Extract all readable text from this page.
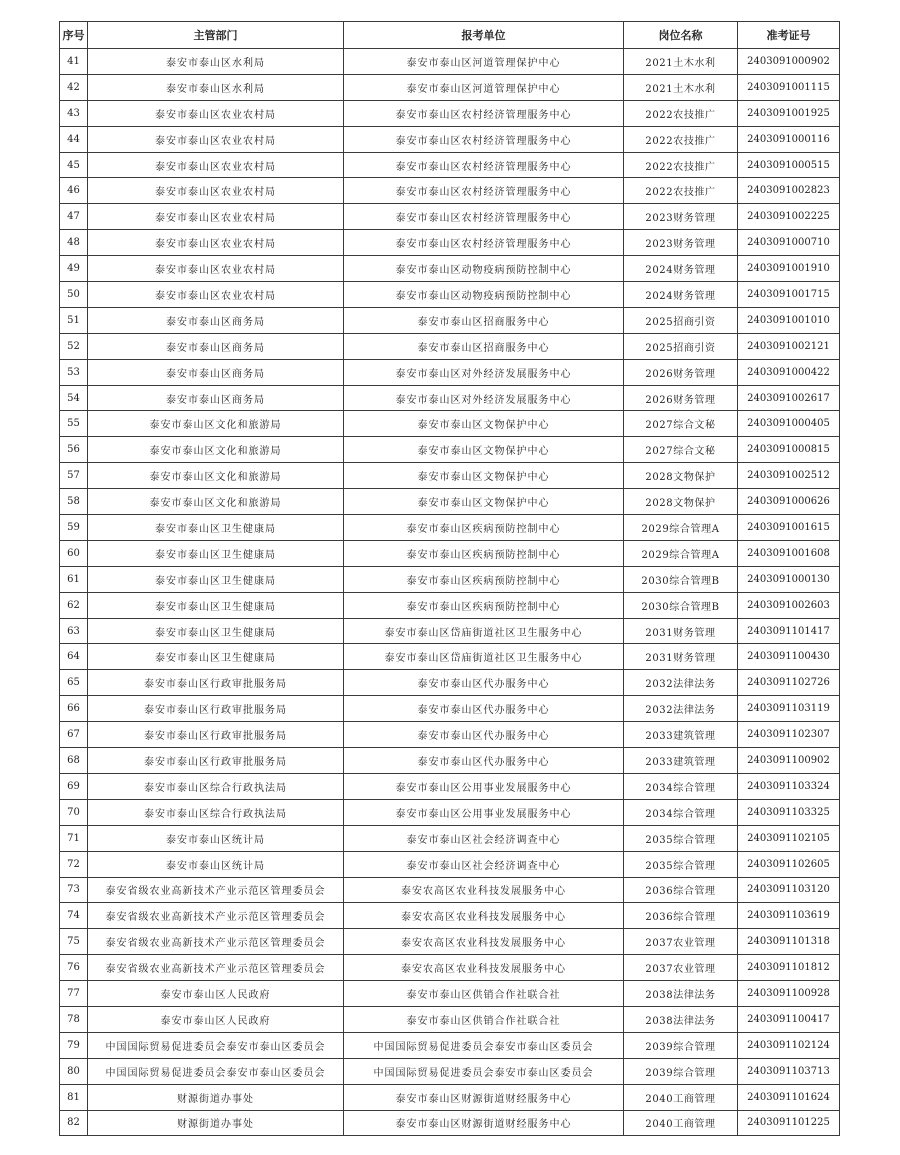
序号	主管部门	报考单位	岗位名称	准考证号
41	泰安市泰山区水利局	泰安市泰山区河道管理保护中心	2021土木水利	2403091000902
42	泰安市泰山区水利局	泰安市泰山区河道管理保护中心	2021土木水利	2403091001115
43	泰安市泰山区农业农村局	泰安市泰山区农村经济管理服务中心	2022农技推广	2403091001925
44	泰安市泰山区农业农村局	泰安市泰山区农村经济管理服务中心	2022农技推广	2403091000116
45	泰安市泰山区农业农村局	泰安市泰山区农村经济管理服务中心	2022农技推广	2403091000515
46	泰安市泰山区农业农村局	泰安市泰山区农村经济管理服务中心	2022农技推广	2403091002823
47	泰安市泰山区农业农村局	泰安市泰山区农村经济管理服务中心	2023财务管理	2403091002225
48	泰安市泰山区农业农村局	泰安市泰山区农村经济管理服务中心	2023财务管理	2403091000710
49	泰安市泰山区农业农村局	泰安市泰山区动物疫病预防控制中心	2024财务管理	2403091001910
50	泰安市泰山区农业农村局	泰安市泰山区动物疫病预防控制中心	2024财务管理	2403091001715
51	泰安市泰山区商务局	泰安市泰山区招商服务中心	2025招商引资	2403091001010
52	泰安市泰山区商务局	泰安市泰山区招商服务中心	2025招商引资	2403091002121
53	泰安市泰山区商务局	泰安市泰山区对外经济发展服务中心	2026财务管理	2403091000422
54	泰安市泰山区商务局	泰安市泰山区对外经济发展服务中心	2026财务管理	2403091002617
55	泰安市泰山区文化和旅游局	泰安市泰山区文物保护中心	2027综合文秘	2403091000405
56	泰安市泰山区文化和旅游局	泰安市泰山区文物保护中心	2027综合文秘	2403091000815
57	泰安市泰山区文化和旅游局	泰安市泰山区文物保护中心	2028文物保护	2403091002512
58	泰安市泰山区文化和旅游局	泰安市泰山区文物保护中心	2028文物保护	2403091000626
59	泰安市泰山区卫生健康局	泰安市泰山区疾病预防控制中心	2029综合管理A	2403091001615
60	泰安市泰山区卫生健康局	泰安市泰山区疾病预防控制中心	2029综合管理A	2403091001608
61	泰安市泰山区卫生健康局	泰安市泰山区疾病预防控制中心	2030综合管理B	2403091000130
62	泰安市泰山区卫生健康局	泰安市泰山区疾病预防控制中心	2030综合管理B	2403091002603
63	泰安市泰山区卫生健康局	泰安市泰山区岱庙街道社区卫生服务中心	2031财务管理	2403091101417
64	泰安市泰山区卫生健康局	泰安市泰山区岱庙街道社区卫生服务中心	2031财务管理	2403091100430
65	泰安市泰山区行政审批服务局	泰安市泰山区代办服务中心	2032法律法务	2403091102726
66	泰安市泰山区行政审批服务局	泰安市泰山区代办服务中心	2032法律法务	2403091103119
67	泰安市泰山区行政审批服务局	泰安市泰山区代办服务中心	2033建筑管理	2403091102307
68	泰安市泰山区行政审批服务局	泰安市泰山区代办服务中心	2033建筑管理	2403091100902
69	泰安市泰山区综合行政执法局	泰安市泰山区公用事业发展服务中心	2034综合管理	2403091103324
70	泰安市泰山区综合行政执法局	泰安市泰山区公用事业发展服务中心	2034综合管理	2403091103325
71	泰安市泰山区统计局	泰安市泰山区社会经济调查中心	2035综合管理	2403091102105
72	泰安市泰山区统计局	泰安市泰山区社会经济调查中心	2035综合管理	2403091102605
73	泰安省级农业高新技术产业示范区管理委员会	泰安农高区农业科技发展服务中心	2036综合管理	2403091103120
74	泰安省级农业高新技术产业示范区管理委员会	泰安农高区农业科技发展服务中心	2036综合管理	2403091103619
75	泰安省级农业高新技术产业示范区管理委员会	泰安农高区农业科技发展服务中心	2037农业管理	2403091101318
76	泰安省级农业高新技术产业示范区管理委员会	泰安农高区农业科技发展服务中心	2037农业管理	2403091101812
77	泰安市泰山区人民政府	泰安市泰山区供销合作社联合社	2038法律法务	2403091100928
78	泰安市泰山区人民政府	泰安市泰山区供销合作社联合社	2038法律法务	2403091100417
79	中国国际贸易促进委员会泰安市泰山区委员会	中国国际贸易促进委员会泰安市泰山区委员会	2039综合管理	2403091102124
80	中国国际贸易促进委员会泰安市泰山区委员会	中国国际贸易促进委员会泰安市泰山区委员会	2039综合管理	2403091103713
81	财源街道办事处	泰安市泰山区财源街道财经服务中心	2040工商管理	2403091101624
82	财源街道办事处	泰安市泰山区财源街道财经服务中心	2040工商管理	2403091101225
